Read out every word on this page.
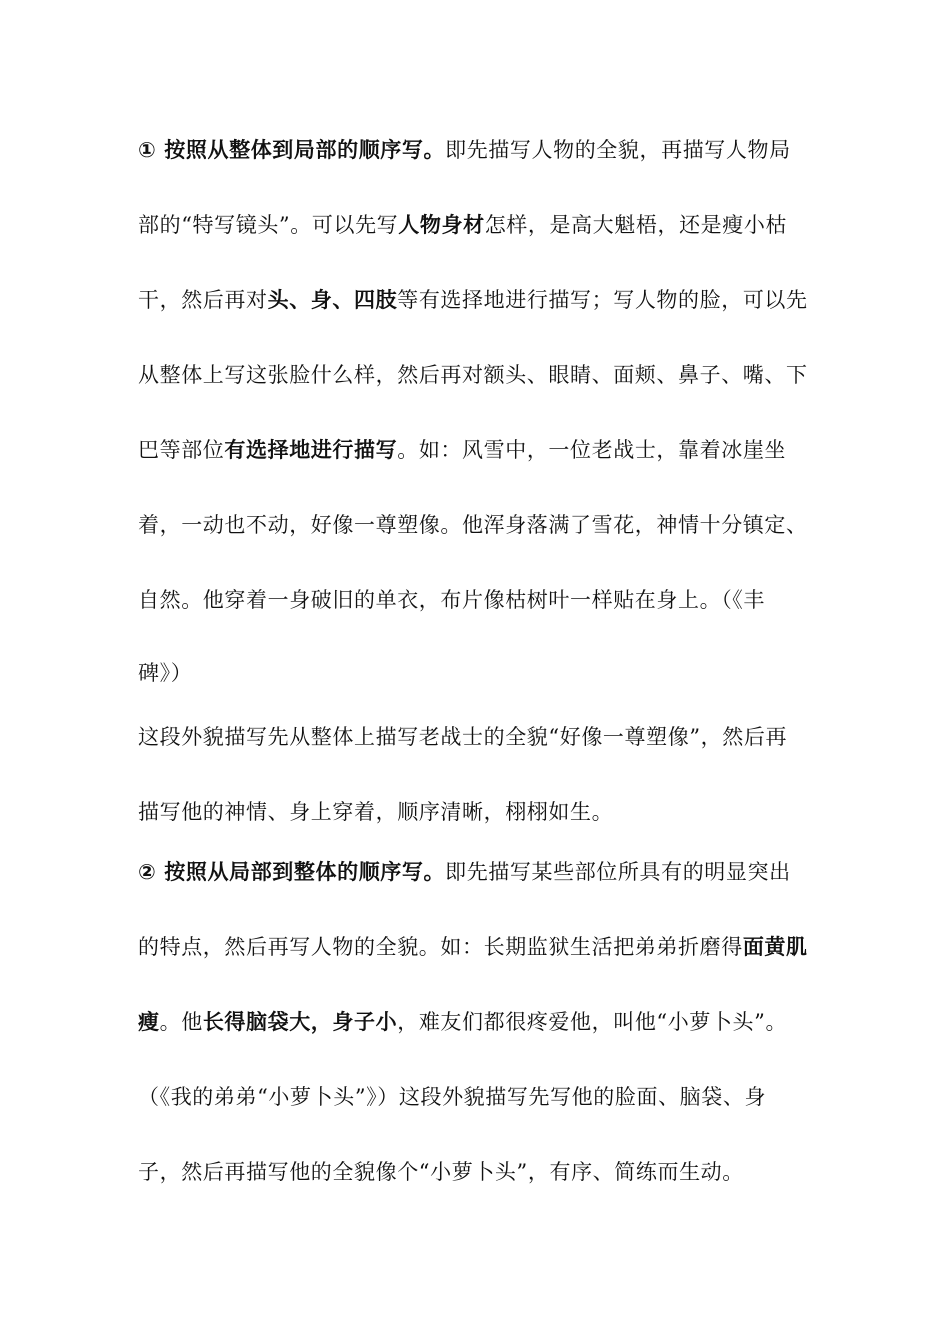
① 按照从整体到局部的顺序写。即先描写人物的全貌，再描写人物局
部的“特写镜头”。可以先写人物身材怎样，是高大魁梧，还是瘦小枯
干，然后再对头、身、四肢等有选择地进行描写；写人物的脸，可以先
从整体上写这张脸什么样，然后再对额头、眼睛、面颊、鼻子、嘴、下
巴等部位有选择地进行描写。如：风雪中，一位老战士，靠着冰崖坐
着，一动也不动，好像一尊塑像。他浑身落满了雪花，神情十分镇定、
自然。他穿着一身破旧的单衣，布片像枯树叶一样贴在身上。（《丰
碑》）
这段外貌描写先从整体上描写老战士的全貌“好像一尊塑像”，然后再
描写他的神情、身上穿着，顺序清晰，栩栩如生。
② 按照从局部到整体的顺序写。即先描写某些部位所具有的明显突出
的特点，然后再写人物的全貌。如：长期监狱生活把弟弟折磨得面黄肌
瘦。他长得脑袋大，身子小，难友们都很疼爱他，叫他“小萝卜头”。
（《我的弟弟“小萝卜头”》）这段外貌描写先写他的脸面、脑袋、身
子，然后再描写他的全貌像个“小萝卜头”，有序、简练而生动。
